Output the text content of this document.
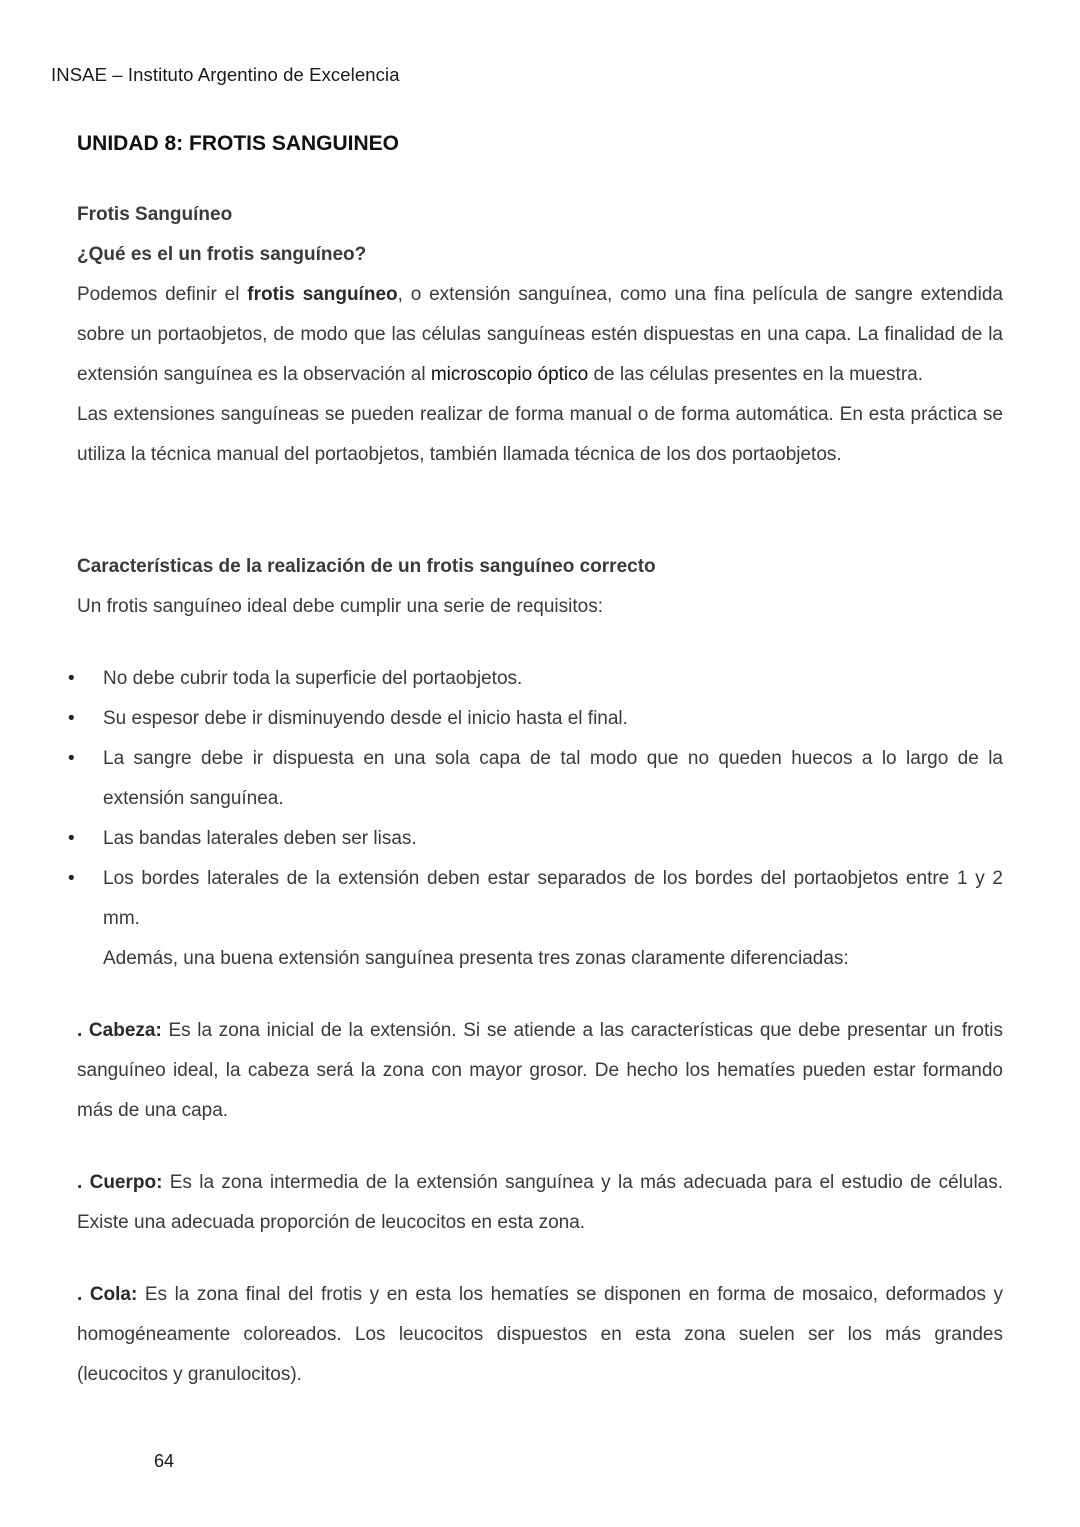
INSAE – Instituto Argentino de Excelencia
UNIDAD 8: FROTIS SANGUINEO
Frotis Sanguíneo
¿Qué es el un frotis sanguíneo?

Podemos definir el frotis sanguíneo, o extensión sanguínea, como una fina película de sangre extendida sobre un portaobjetos, de modo que las células sanguíneas estén dispuestas en una capa. La finalidad de la extensión sanguínea es la observación al microscopio óptico de las células presentes en la muestra.

Las extensiones sanguíneas se pueden realizar de forma manual o de forma automática. En esta práctica se utiliza la técnica manual del portaobjetos, también llamada técnica de los dos portaobjetos.

Características de la realización de un frotis sanguíneo correcto

Un frotis sanguíneo ideal debe cumplir una serie de requisitos:

• No debe cubrir toda la superficie del portaobjetos.
• Su espesor debe ir disminuyendo desde el inicio hasta el final.
• La sangre debe ir dispuesta en una sola capa de tal modo que no queden huecos a lo largo de la extensión sanguínea.
• Las bandas laterales deben ser lisas.
• Los bordes laterales de la extensión deben estar separados de los bordes del portaobjetos entre 1 y 2 mm.

Además, una buena extensión sanguínea presenta tres zonas claramente diferenciadas:

. Cabeza: Es la zona inicial de la extensión. Si se atiende a las características que debe presentar un frotis sanguíneo ideal, la cabeza será la zona con mayor grosor. De hecho los hematíes pueden estar formando más de una capa.

. Cuerpo: Es la zona intermedia de la extensión sanguínea y la más adecuada para el estudio de células. Existe una adecuada proporción de leucocitos en esta zona.

. Cola: Es la zona final del frotis y en esta los hematíes se disponen en forma de mosaico, deformados y homogéneamente coloreados. Los leucocitos dispuestos en esta zona suelen ser los más grandes (leucocitos y granulocitos).

64
